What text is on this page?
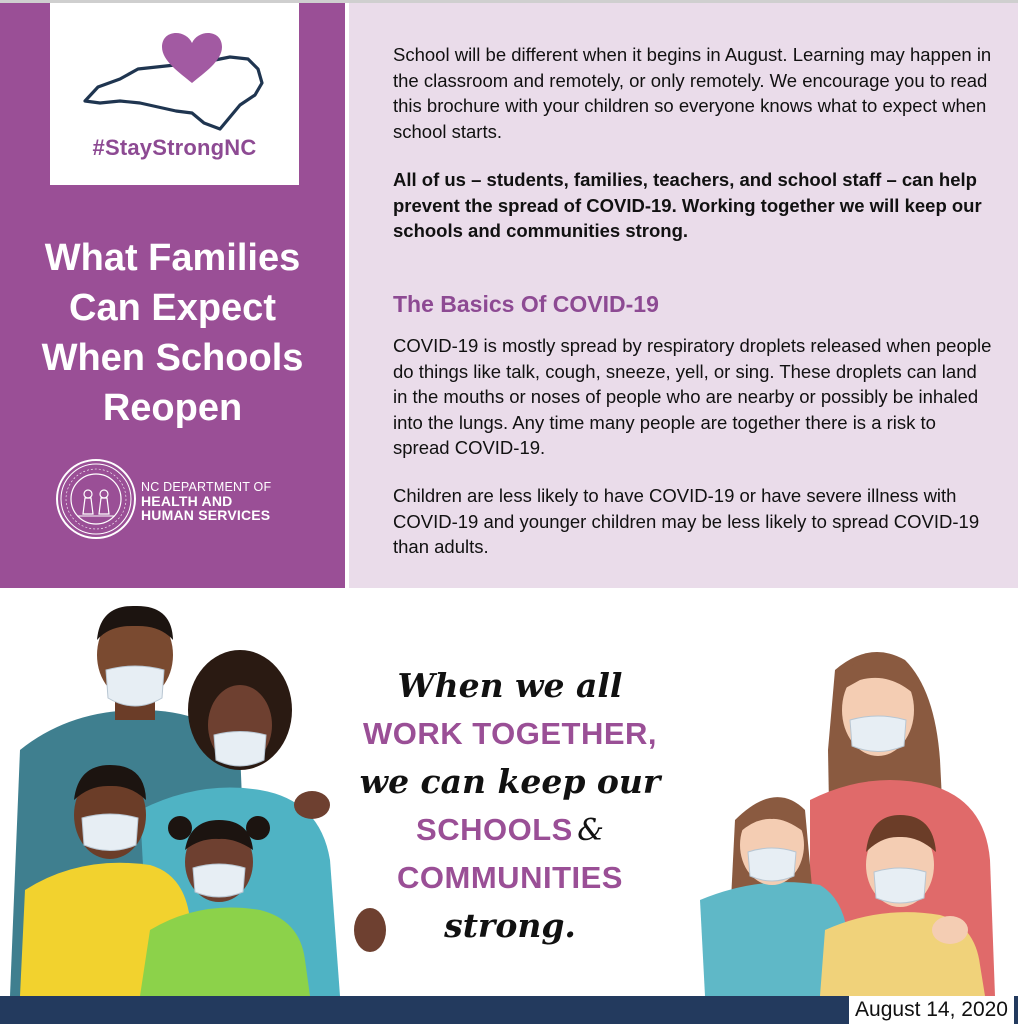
#StayStrongNC
What Families
Can Expect
When Schools
Reopen
NC DEPARTMENT OF
HEALTH AND
HUMAN SERVICES

School will be different when it begins in August. Learning may happen in the classroom and remotely, or only remotely. We encourage you to read this brochure with your children so everyone knows what to expect when school starts.

All of us – students, families, teachers, and school staff – can help prevent the spread of COVID-19. Working together we will keep our schools and communities strong.

The Basics Of COVID-19

COVID-19 is mostly spread by respiratory droplets released when people do things like talk, cough, sneeze, yell, or sing. These droplets can land in the mouths or noses of people who are nearby or possibly be inhaled into the lungs. Any time many people are together there is a risk to spread COVID-19.

Children are less likely to have COVID-19 or have severe illness with COVID-19 and younger children may be less likely to spread COVID-19 than adults.

When we all
WORK TOGETHER,
we can keep our
SCHOOLS &
COMMUNITIES
strong.
August 14, 2020
